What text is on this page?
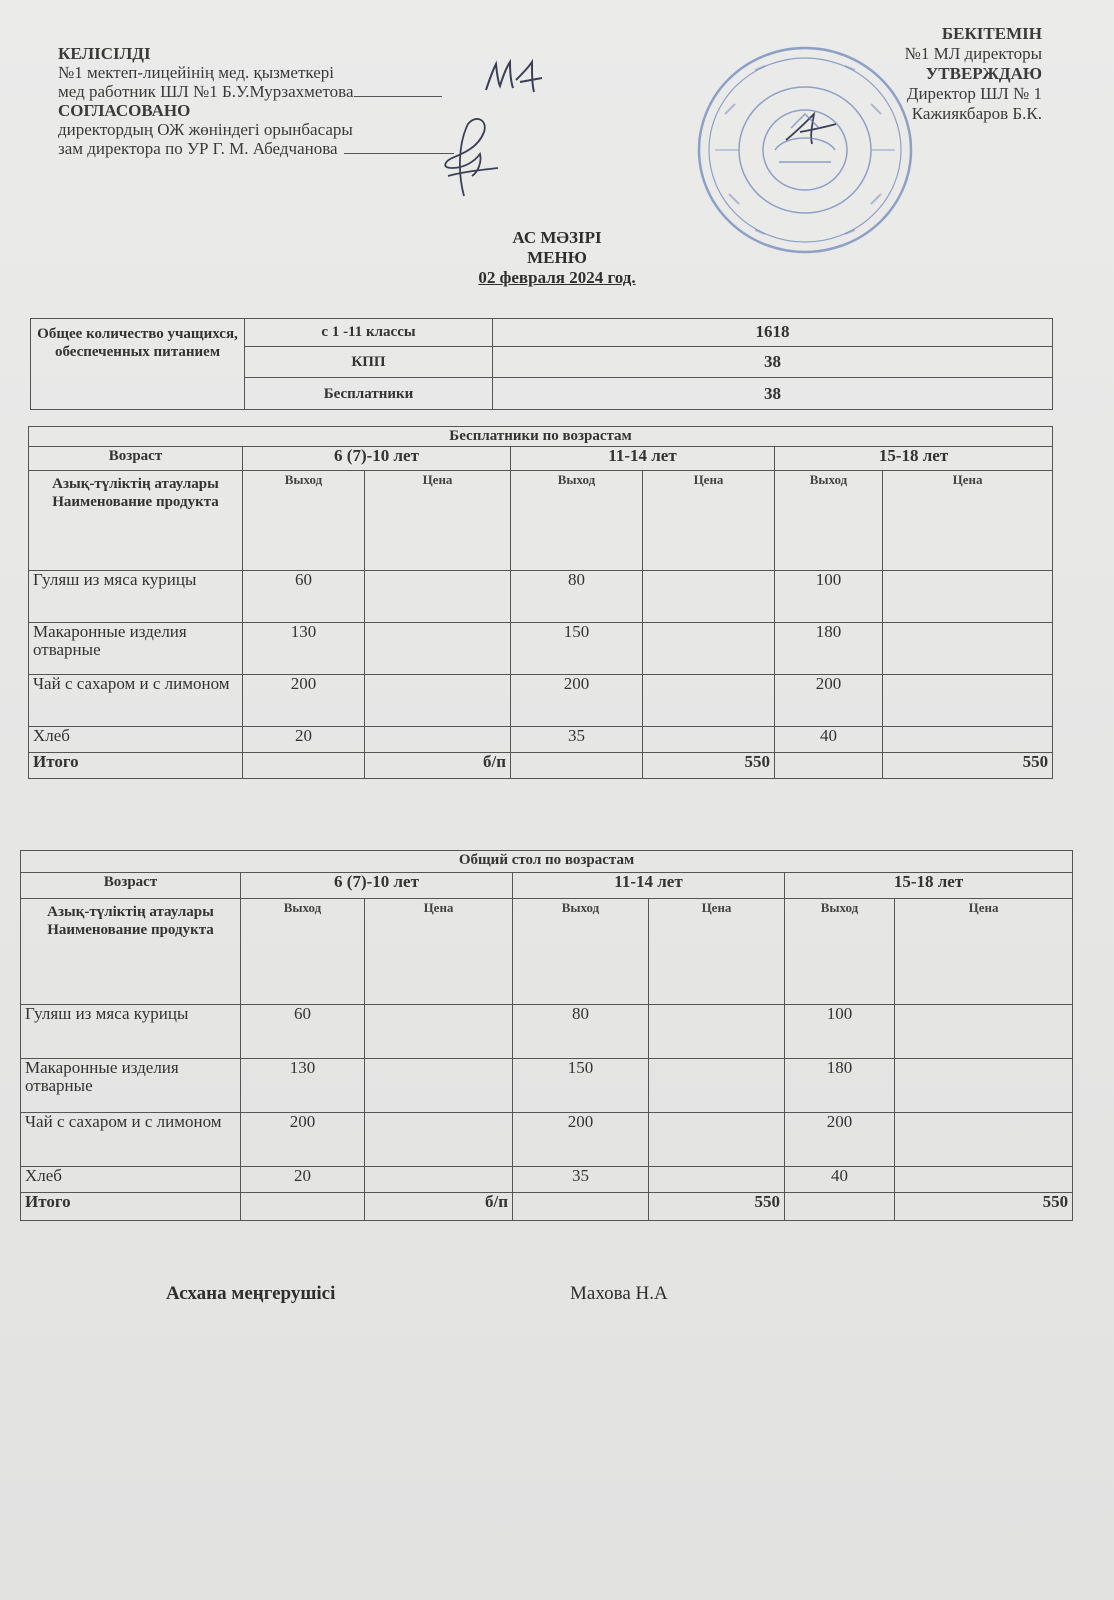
КЕЛІСІЛДІ
№1 мектеп-лицейінің мед. қызметкері
мед работник ШЛ №1 Б.У.Мурзахметова
СОГЛАСОВАНО
директордың ОЖ жөніндегі орынбасары
зам директора по УР Г. М. Абедчанова
БЕКІТЕМІН
№1 МЛ директоры
УТВЕРЖДАЮ
Директор ШЛ № 1
Кажиякбаров Б.К.
АС МӘЗІРІ
МЕНЮ
02 февраля 2024 год.
Общее количество учащихся, обеспеченных питанием	с 1 -11 классы	1618
	КПП	38
	Бесплатники	38
Бесплатники по возрастам						
Возраст	6 (7)-10 лет		11-14 лет		15-18 лет	
Азық-түліктің атаулары Наименование продукта	Выход	Цена	Выход	Цена	Выход	Цена
Гуляш из мяса курицы	60		80		100	
Макаронные изделия отварные	130		150		180	
Чай с сахаром и с лимоном	200		200		200	
Хлеб	20		35		40	
Итого		б/п		550		550
Общий стол по возрастам						
Возраст	6 (7)-10 лет		11-14 лет		15-18 лет	
Азық-түліктің атаулары Наименование продукта	Выход	Цена	Выход	Цена	Выход	Цена
Гуляш из мяса курицы	60		80		100	
Макаронные изделия отварные	130		150		180	
Чай с сахаром и с лимоном	200		200		200	
Хлеб	20		35		40	
Итого		б/п		550		550
Асхана меңгерушісі	Махова Н.А
